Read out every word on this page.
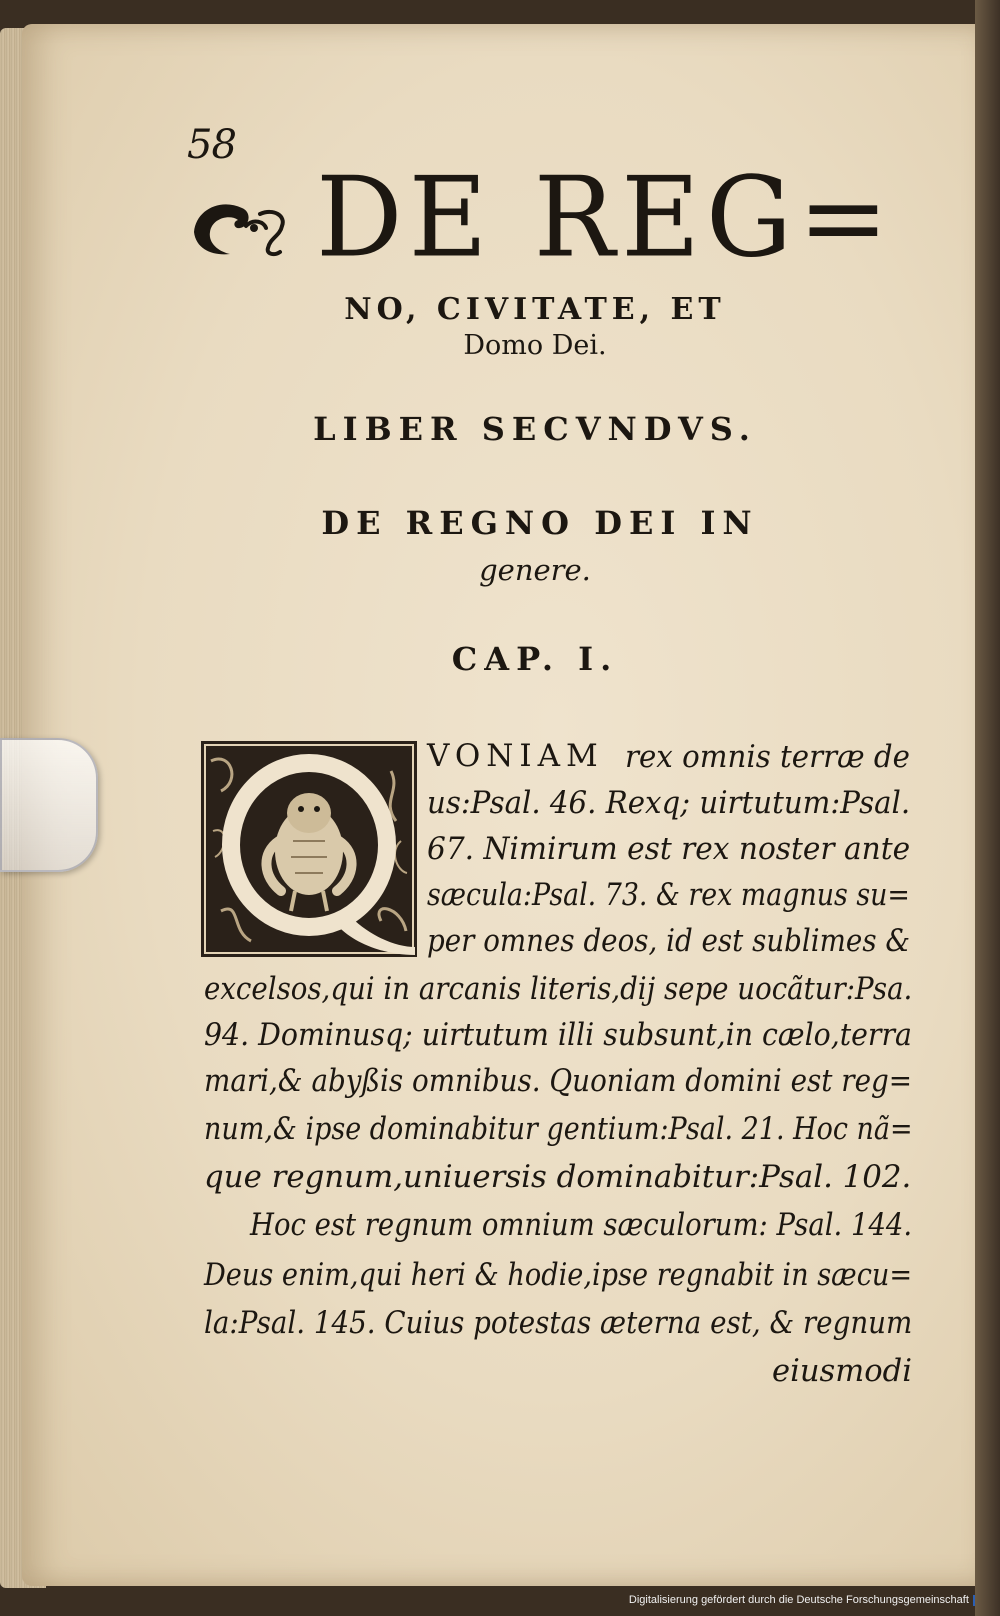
58
DE REG=
NO, CIVITATE, ET
Domo Dei.
LIBER SECVNDVS.
DE REGNO DEI IN
genere.
CAP. I.
VONIAM rex omnis terræ de
us:Psal. 46. Rexq; uirtutum:Psal.
67. Nimirum est rex noster ante
sæcula:Psal. 73. & rex magnus su=
per omnes deos, id est sublimes &
excelsos,qui in arcanis literis,dij sepe uocãtur:Psa.
94. Dominusq; uirtutum illi subsunt,in cælo,terra
mari,& abyßis omnibus. Quoniam domini est reg=
num,& ipse dominabitur gentium:Psal. 21. Hoc nã=
que regnum,uniuersis dominabitur:Psal. 102.
Hoc est regnum omnium sæculorum: Psal. 144.
Deus enim,qui heri & hodie,ipse regnabit in sæcu=
la:Psal. 145. Cuius potestas æterna est, & regnum
eiusmodi
Digitalisierung gefördert durch die Deutsche Forschungsgemeinschaft
